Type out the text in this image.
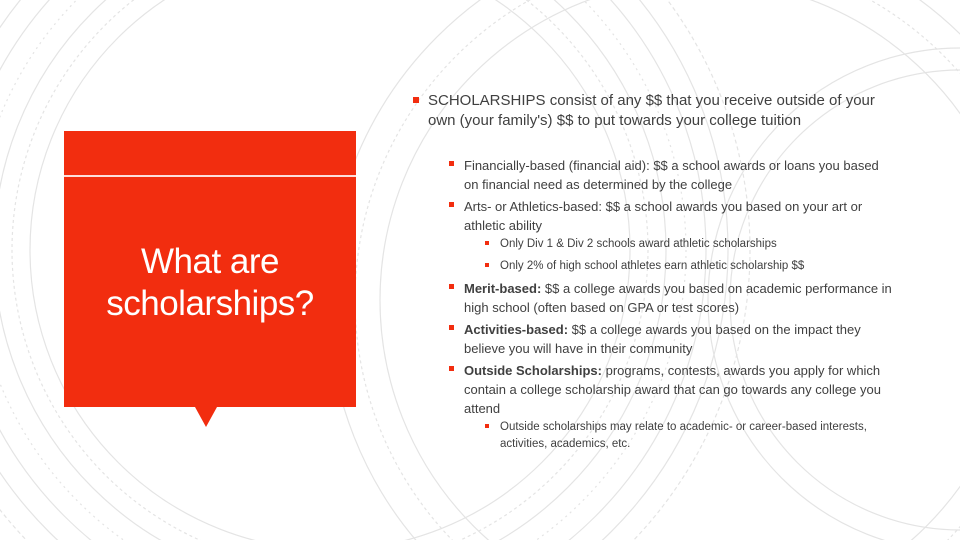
What are scholarships?
SCHOLARSHIPS consist of any $$ that you receive outside of your own (your family's) $$ to put towards your college tuition
Financially-based (financial aid): $$ a school awards or loans you based on financial need as determined by the college
Arts- or Athletics-based: $$ a school awards you based on your art or athletic ability
Only Div 1 & Div 2 schools award athletic scholarships
Only 2% of high school athletes earn athletic scholarship $$
Merit-based: $$ a college awards you based on academic performance in high school (often based on GPA or test scores)
Activities-based: $$ a college awards you based on the impact they believe you will have in their community
Outside Scholarships: programs, contests, awards you apply for which contain a college scholarship award that can go towards any college you attend
Outside scholarships may relate to academic- or career-based interests, activities, academics, etc.
